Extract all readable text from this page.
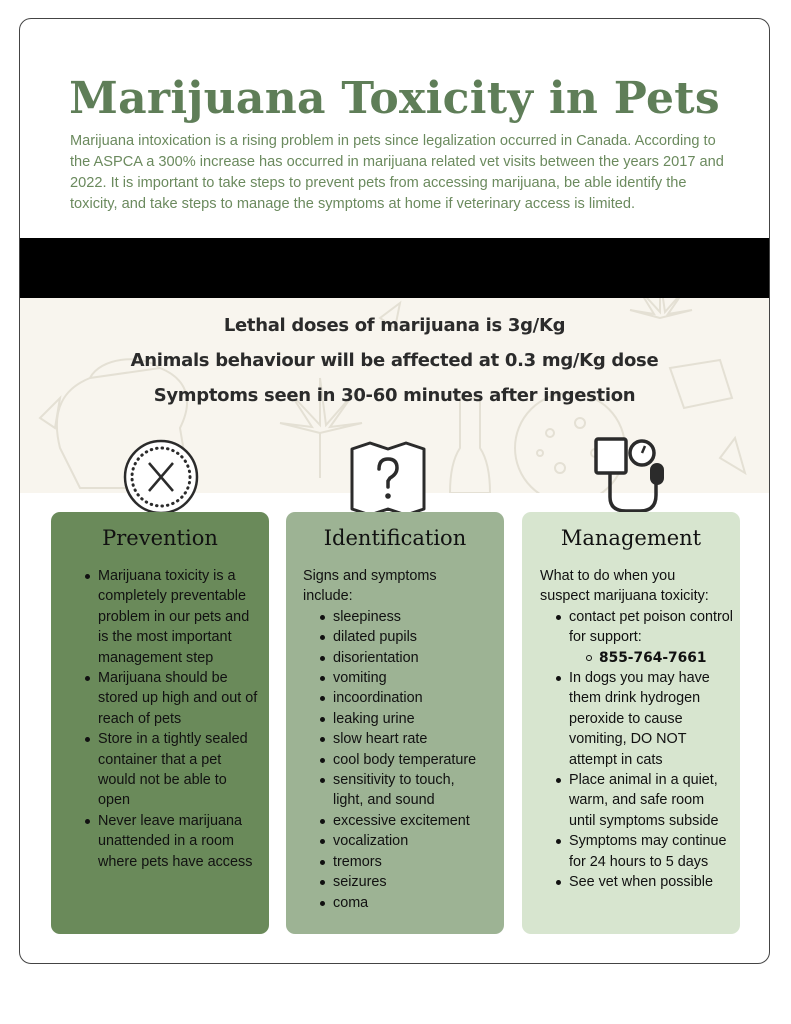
Marijuana Toxicity in Pets

Marijuana intoxication is a rising problem in pets since legalization occurred in Canada. According to the ASPCA a 300% increase has occurred in marijuana related vet visits between the years 2017 and 2022. It is important to take steps to prevent pets from accessing marijuana, be able identify the toxicity, and take steps to manage the symptoms at home if veterinary access is limited.

Lethal doses of marijuana is 3g/Kg
Animals behaviour will be affected at 0.3 mg/Kg dose
Symptoms seen in 30-60 minutes after ingestion
Prevention
Marijuana toxicity is a completely preventable problem in our pets and is the most important management step
Marijuana should be stored up high and out of reach of pets
Store in a tightly sealed container that a pet would not be able to open
Never leave marijuana unattended in a room where pets have access
Identification

Signs and symptoms include:

sleepiness
dilated pupils
disorientation
vomiting
incoordination
leaking urine
slow heart rate
cool body temperature
sensitivity to touch, light, and sound
excessive excitement
vocalization
tremors
seizures
coma
Management

What to do when you suspect marijuana toxicity:

contact pet poison control for support:
855-764-7661
In dogs you may have them drink hydrogen peroxide to cause vomiting, DO NOT attempt in cats
Place animal in a quiet, warm, and safe room until symptoms subside
Symptoms may continue for 24 hours to 5 days
See vet when possible
